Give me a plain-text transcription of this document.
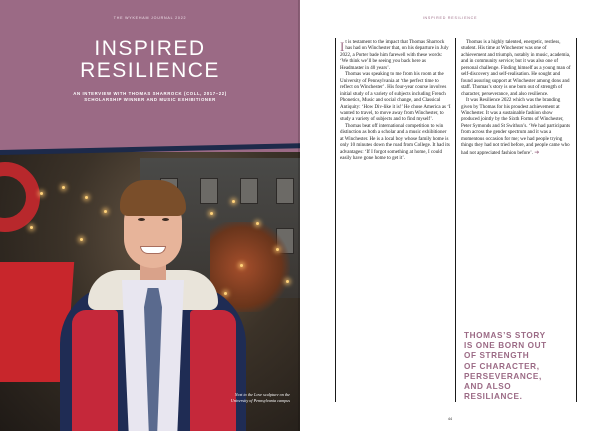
THE WYKEHAM JOURNAL 2022
INSPIRED
RESILIENCE
AN INTERVIEW WITH THOMAS SHARROCK (COLL, 2017–22)
SCHOLARSHIP WINNER AND MUSIC EXHIBITIONER
Next to the Love sculpture on the
University of Pennsylvania campus
INSPIRED RESILIENCE

It is testament to the impact that Thomas Sharrock has had on Winchester that, on his departure in July 2022, a Porter bade him farewell with these words: ‘We think we’ll be seeing you back here as Headmaster in 40 years’.

Thomas was speaking to me from his room at the University of Pennsylvania at ‘the perfect time to reflect on Winchester’. His four-year course involves initial study of a variety of subjects including French Phonetics, Music and social change, and Classical Antiquity: ‘How Div-like it is!’ He chose America as ‘I wanted to travel, to move away from Winchester, to study a variety of subjects and to find myself’.

Thomas beat off international competition to win distinction as both a scholar and a music exhibitioner at Winchester. He is a local boy whose family home is only 10 minutes down the road from College. It had its advantages: ‘If I forgot something at home, I could easily have gone home to get it’.

Thomas is a highly talented, energetic, restless, student. His time at Winchester was one of achievement and triumph, notably in music, academia, and in community service; but it was also one of personal challenge. Finding himself as a young man of self-discovery and self-realisation. He sought and found assuring support at Winchester among dons and staff. Thomas’s story is one born out of strength of character, perseverance, and also resilience.

It was Resilience 2022 which was the branding given by Thomas for his proudest achievement at Winchester. It was a sustainable fashion show produced jointly by the Sixth Forms of Winchester, Peter Symonds and St Swithun’s. ‘We had participants from across the gender spectrum and it was a momentous occasion for me; we had people trying things they had not tried before, and people came who had not appreciated fashion before’. ➔

THOMAS’S STORY
IS ONE BORN OUT
OF STRENGTH
OF CHARACTER,
PERSEVERANCE,
AND ALSO
RESILIANCE.
44
